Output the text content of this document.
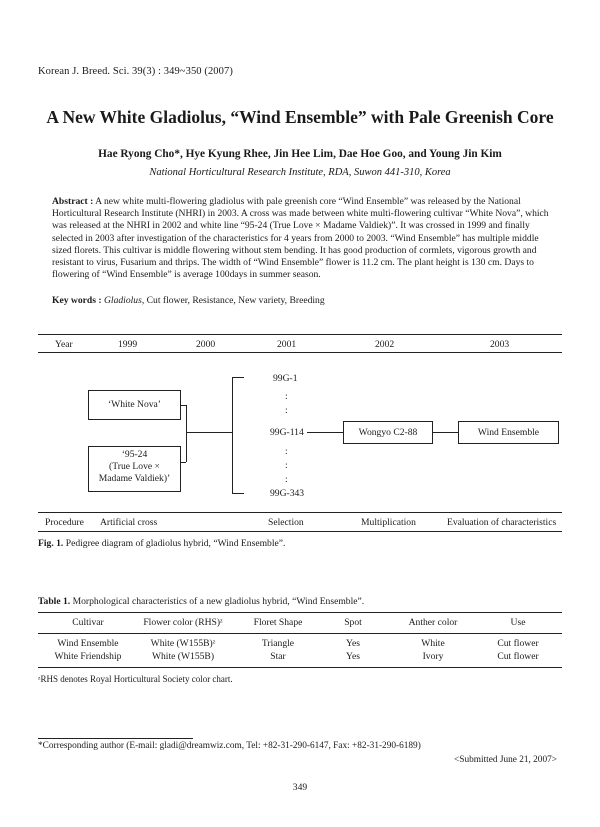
Korean J. Breed. Sci. 39(3) : 349~350 (2007)
A New White Gladiolus, “Wind Ensemble” with Pale Greenish Core
Hae Ryong Cho*, Hye Kyung Rhee, Jin Hee Lim, Dae Hoe Goo, and Young Jin Kim
National Horticultural Research Institute, RDA, Suwon 441-310, Korea
Abstract : A new white multi-flowering gladiolus with pale greenish core “Wind Ensemble” was released by the National
Horticultural Research Institute (NHRI) in 2003. A cross was made between white multi-flowering cultivar “White Nova”, which
was released at the NHRI in 2002 and white line “95-24 (True Love × Madame Valdiek)”. It was crossed in 1999 and finally
selected in 2003 after investigation of the characteristics for 4 years from 2000 to 2003. “Wind Ensemble” has multiple middle
sized florets. This cultivar is middle flowering without stem bending. It has good production of cormlets, vigorous growth and
resistant to virus, Fusarium and thrips. The width of “Wind Ensemble” flower is 11.2 cm. The plant height is 130 cm. Days to
flowering of “Wind Ensemble” is average 100days in summer season.
Key words : Gladiolus, Cut flower, Resistance, New variety, Breeding
Year	1999	2000	2001	2002	2003
‘White Nova’
‘95-24
(True Love ×
Madame Valdiek)’
99G-1
:
:
99G-114
:
:
:
99G-343
Wongyo C2-88	Wind Ensemble
Procedure Artificial cross	Selection	Multiplication	Evaluation of characteristics
Fig. 1. Pedigree diagram of gladiolus hybrid, “Wind Ensemble”.
Table 1. Morphological characteristics of a new gladiolus hybrid, “Wind Ensemble”.
Cultivar	Flower color (RHS)ᶻ	Floret Shape	Spot	Anther color	Use
Wind Ensemble	White (W155B)ᶻ	Triangle	Yes	White	Cut flower
White Friendship	White (W155B)	Star	Yes	Ivory	Cut flower
ᶻRHS denotes Royal Horticultural Society color chart.
*Corresponding author (E-mail: gladi@dreamwiz.com, Tel: +82-31-290-6147, Fax: +82-31-290-6189)
<Submitted June 21, 2007>
349
